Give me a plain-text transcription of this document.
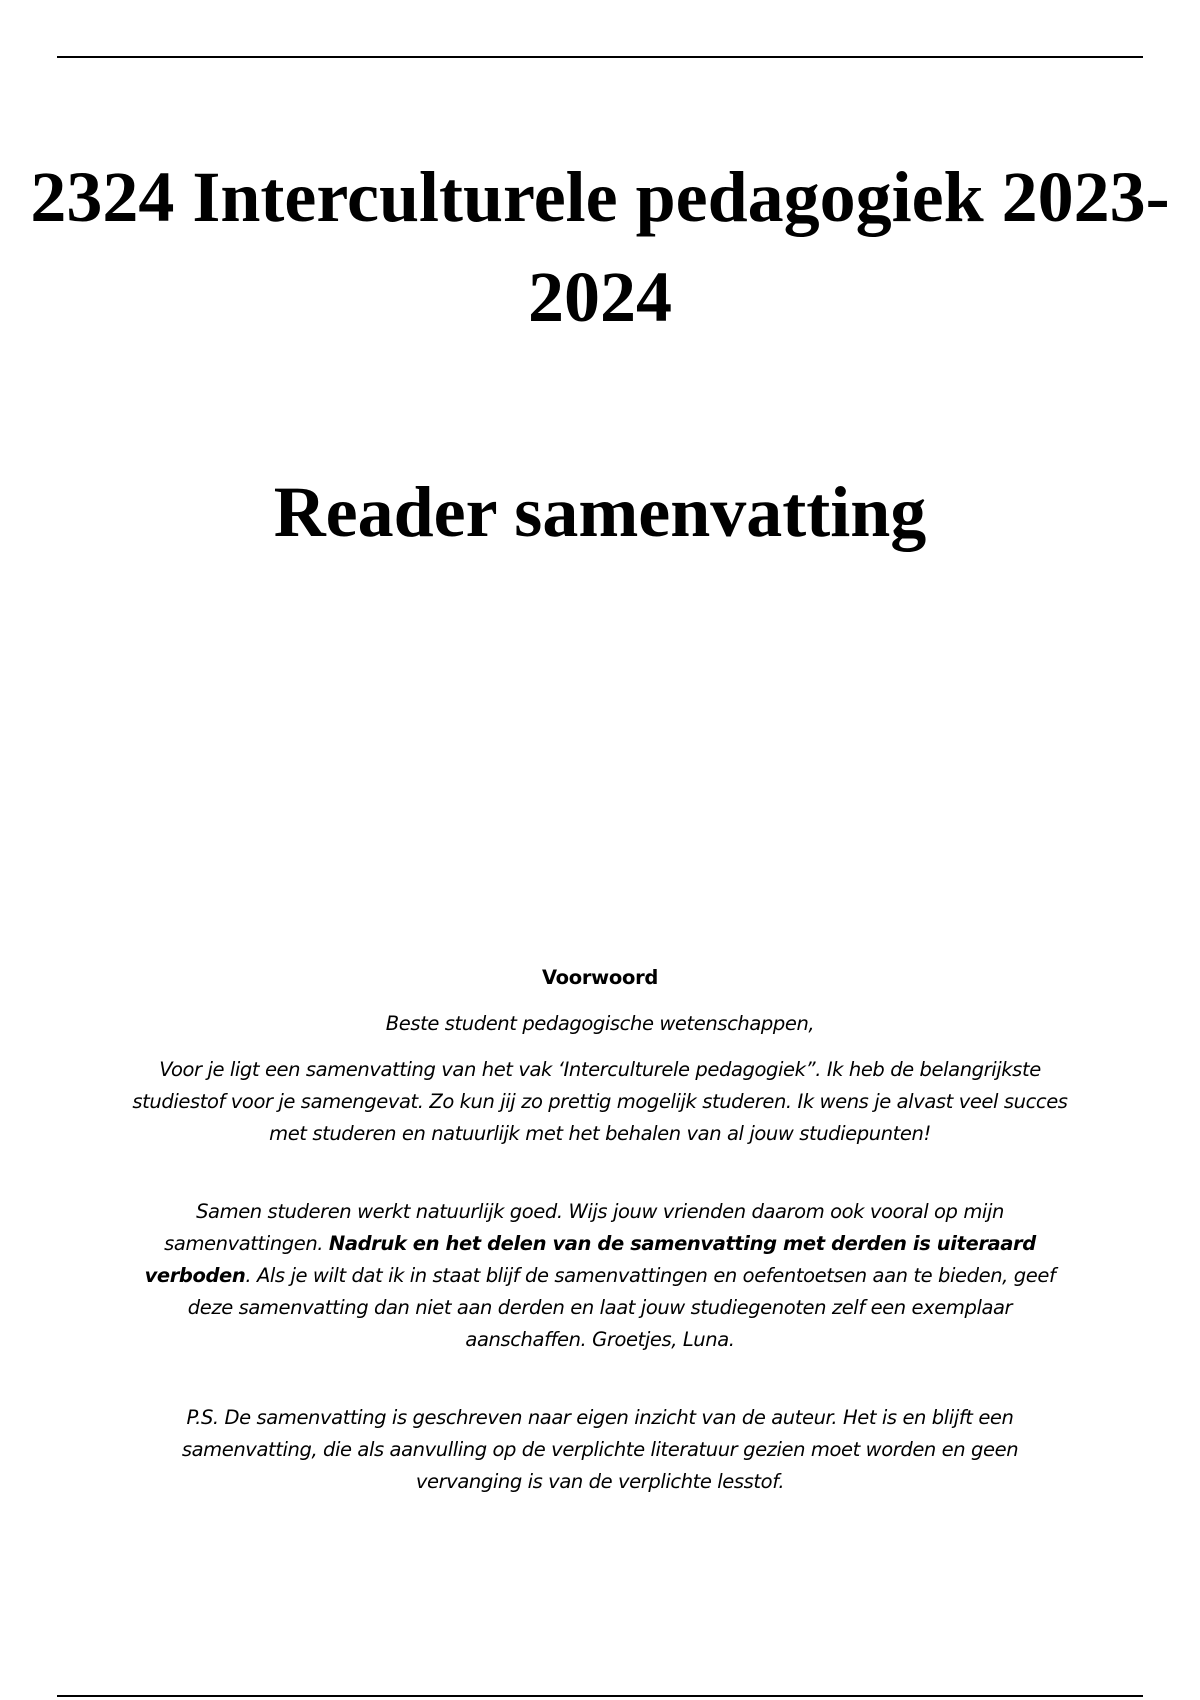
2324 Interculturele pedagogiek 2023-2024
Reader samenvatting

Voorwoord

Beste student pedagogische wetenschappen,

Voor je ligt een samenvatting van het vak ‘Interculturele pedagogiek”. Ik heb de belangrijkste studiestof voor je samengevat. Zo kun jij zo prettig mogelijk studeren. Ik wens je alvast veel succes met studeren en natuurlijk met het behalen van al jouw studiepunten!

Samen studeren werkt natuurlijk goed. Wijs jouw vrienden daarom ook vooral op mijn samenvattingen. Nadruk en het delen van de samenvatting met derden is uiteraard verboden. Als je wilt dat ik in staat blijf de samenvattingen en oefentoetsen aan te bieden, geef deze samenvatting dan niet aan derden en laat jouw studiegenoten zelf een exemplaar aanschaffen. Groetjes, Luna.

P.S. De samenvatting is geschreven naar eigen inzicht van de auteur. Het is en blijft een samenvatting, die als aanvulling op de verplichte literatuur gezien moet worden en geen vervanging is van de verplichte lesstof.
